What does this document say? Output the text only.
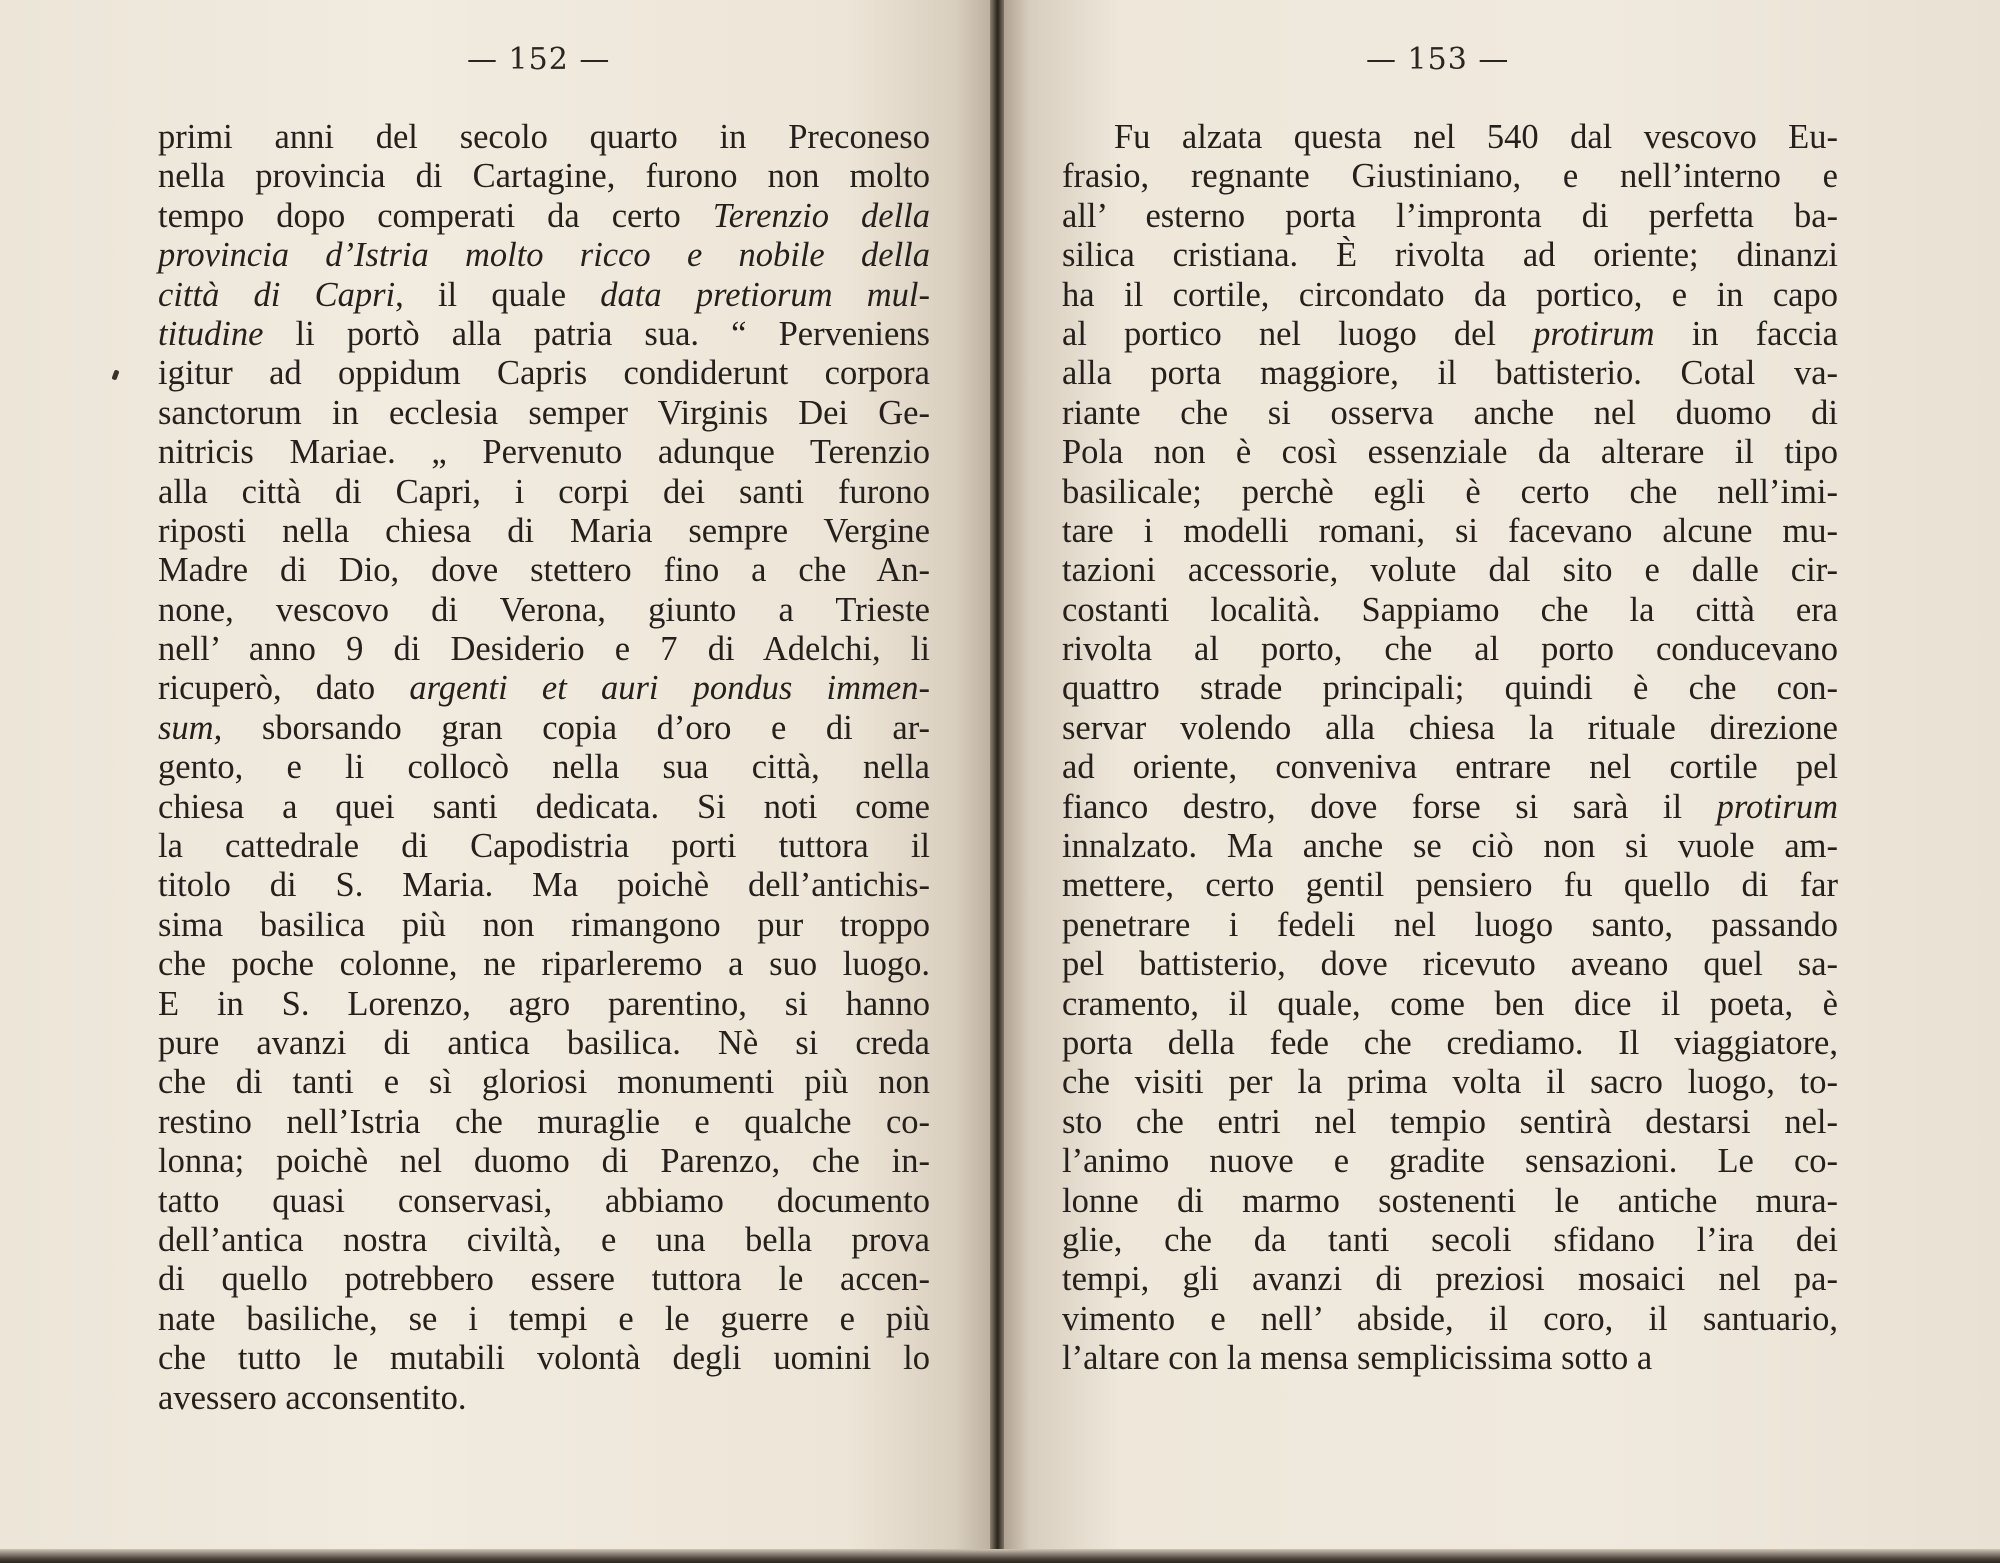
— 152 —
primi anni del secolo quarto in Preconeso
nella provincia di Cartagine, furono non molto
tempo dopo comperati da certo Terenzio della
provincia d’Istria molto ricco e nobile della
città di Capri, il quale data pretiorum mul-
titudine li portò alla patria sua. “ Perveniens
igitur ad oppidum Capris condiderunt corpora
sanctorum in ecclesia semper Virginis Dei Ge-
nitricis Mariae. „ Pervenuto adunque Terenzio
alla città di Capri, i corpi dei santi furono
riposti nella chiesa di Maria sempre Vergine
Madre di Dio, dove stettero fino a che An-
none, vescovo di Verona, giunto a Trieste
nell’ anno 9 di Desiderio e 7 di Adelchi, li
ricuperò, dato argenti et auri pondus immen-
sum, sborsando gran copia d’oro e di ar-
gento, e li collocò nella sua città, nella
chiesa a quei santi dedicata. Si noti come
la cattedrale di Capodistria porti tuttora il
titolo di S. Maria. Ma poichè dell’antichis-
sima basilica più non rimangono pur troppo
che poche colonne, ne riparleremo a suo luogo.
E in S. Lorenzo, agro parentino, si hanno
pure avanzi di antica basilica. Nè si creda
che di tanti e sì gloriosi monumenti più non
restino nell’Istria che muraglie e qualche co-
lonna; poichè nel duomo di Parenzo, che in-
tatto quasi conservasi, abbiamo documento
dell’antica nostra civiltà, e una bella prova
di quello potrebbero essere tuttora le accen-
nate basiliche, se i tempi e le guerre e più
che tutto le mutabili volontà degli uomini lo
avessero acconsentito.
— 153 —
Fu alzata questa nel 540 dal vescovo Eu-
frasio, regnante Giustiniano, e nell’interno e
all’ esterno porta l’impronta di perfetta ba-
silica cristiana. È rivolta ad oriente; dinanzi
ha il cortile, circondato da portico, e in capo
al portico nel luogo del protirum in faccia
alla porta maggiore, il battisterio. Cotal va-
riante che si osserva anche nel duomo di
Pola non è così essenziale da alterare il tipo
basilicale; perchè egli è certo che nell’imi-
tare i modelli romani, si facevano alcune mu-
tazioni accessorie, volute dal sito e dalle cir-
costanti località. Sappiamo che la città era
rivolta al porto, che al porto conducevano
quattro strade principali; quindi è che con-
servar volendo alla chiesa la rituale direzione
ad oriente, conveniva entrare nel cortile pel
fianco destro, dove forse si sarà il protirum
innalzato. Ma anche se ciò non si vuole am-
mettere, certo gentil pensiero fu quello di far
penetrare i fedeli nel luogo santo, passando
pel battisterio, dove ricevuto aveano quel sa-
cramento, il quale, come ben dice il poeta, è
porta della fede che crediamo. Il viaggiatore,
che visiti per la prima volta il sacro luogo, to-
sto che entri nel tempio sentirà destarsi nel-
l’animo nuove e gradite sensazioni. Le co-
lonne di marmo sostenenti le antiche mura-
glie, che da tanti secoli sfidano l’ira dei
tempi, gli avanzi di preziosi mosaici nel pa-
vimento e nell’ abside, il coro, il santuario,
l’altare con la mensa semplicissima sotto a
